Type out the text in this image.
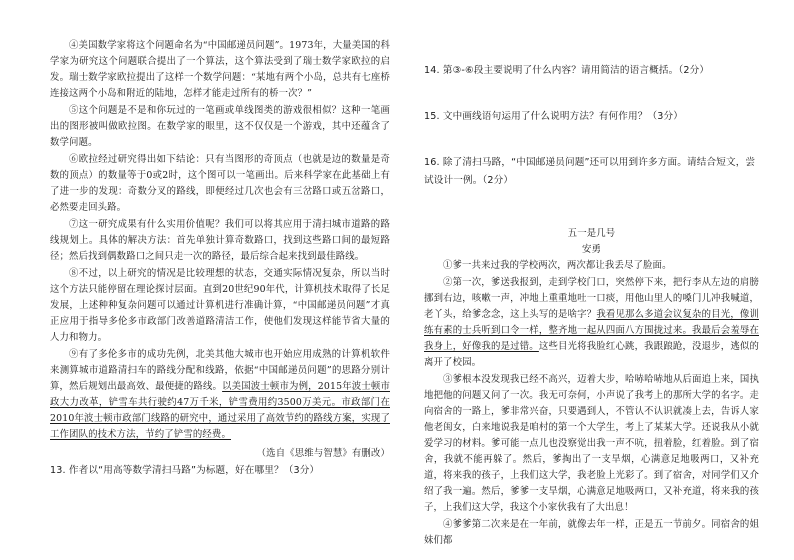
④美国数学家将这个问题命名为“中国邮递员问题”。1973年，大量美国的科学家为研究这个问题联合提出了一个算法，这个算法受到了瑞士数学家欧拉的启发。瑞士数学家欧拉提出了这样一个数学问题：“某地有两个小岛，总共有七座桥连接这两个小岛和附近的陆地，怎样才能走过所有的桥一次？”

⑤这个问题是不是和你玩过的一笔画或单线图类的游戏很相似？这种一笔画出的图形被叫做欧拉图。在数学家的眼里，这不仅仅是一个游戏，其中还蕴含了数学问题。

⑥欧拉经过研究得出如下结论：只有当图形的奇顶点（也就是边的数量是奇数的顶点）的数量等于0或2时，这个图可以一笔画出。后来科学家在此基础上有了进一步的发现：奇数分叉的路线，即便经过几次也会有三岔路口或五岔路口，必然要走回头路。

⑦这一研究成果有什么实用价值呢？我们可以将其应用于清扫城市道路的路线规划上。具体的解决方法：首先单独计算奇数路口，找到这些路口间的最短路径；然后找到偶数路口之间只走一次的路径，最后综合起来找到最佳路线。

⑧不过，以上研究的情况是比较理想的状态，交通实际情况复杂，所以当时这个方法只能停留在理论探讨层面。直到20世纪90年代，计算机技术取得了长足发展，上述种种复杂问题可以通过计算机进行准确计算，“中国邮递员问题”才真正应用于指导多伦多市政部门改善道路清洁工作，使他们发现这样能节省大量的人力和物力。

⑨有了多伦多市的成功先例，北美其他大城市也开始应用成熟的计算机软件来测算城市道路清扫车的路线分配和线路，依据“中国邮递员问题”的思路分别计算，然后规划出最高效、最便捷的路线。以美国波士顿市为例，2015年波士顿市政大力改革，铲雪车共行驶约47万千米，铲雪费用约3500万美元。市政部门在2010年波士顿市政部门线路的研究中，通过采用了高效节约的路线方案，实现了工作团队的技术方法，节约了铲雪的经费。

（选自《思维与智慧》有删改）

13. 作者以“用高等数学清扫马路”为标题，好在哪里？（3分）

14. 第③-⑥段主要说明了什么内容？请用简洁的语言概括。（2分）

15. 文中画线语句运用了什么说明方法？有何作用？（3分）

16. 除了清扫马路，“中国邮递员问题”还可以用到许多方面。请结合短文，尝试设计一例。（2分）

五一是几号

安勇

①爹一共来过我的学校两次，两次都让我丢尽了脸面。

②第一次，爹送我报到，走到学校门口，突然停下来，把行李从左边的肩膀挪到右边，咳嗽一声，冲地上重重地吐一口痰，用他山里人的嗓门儿冲我喊道，老丫头，给爹念念，这上头写的是啥字？我看见那么多道会议复杂的目光，像训练有素的士兵听到口令一样，整齐地一起从四面八方围拢过来。我最后会羞辱在我身上，好像我的是过错。这些目光将我脸红心跳，我跟踉跄，没退步，逃似的离开了校园。

③爹根本没发现我已经不高兴，迈着大步，哈哧哈哧地从后面追上来，国执地把他的问题又问了一次。我无可奈何，小声说了我考上的那所大学的名字。走向宿舍的一路上，爹非常兴奋，只要遇到人，不管认不认识就凑上去，告诉人家他老闺女，白来地说我是咱村的第一个大学生，考上了某某大学。还说我从小就爱学习的材料。爹可能一点儿也没察觉出我一声不吭，扭着脸，红着脸。到了宿舍，我就不能再躲了。然后，爹掏出了一支旱烟，心满意足地吸两口，又补充道，将来我的孩子，上我们这大学，我老脸上光彩了。到了宿舍，对同学们又介绍了我一遍。然后，爹爹一支旱烟，心满意足地吸两口，又补充道，将来我的孩子，上我们这大学，我这个小家伙我有了大出息！

④爹爹第二次来是在一年前，就像去年一样，正是五一节前夕。同宿舍的姐妹们都
